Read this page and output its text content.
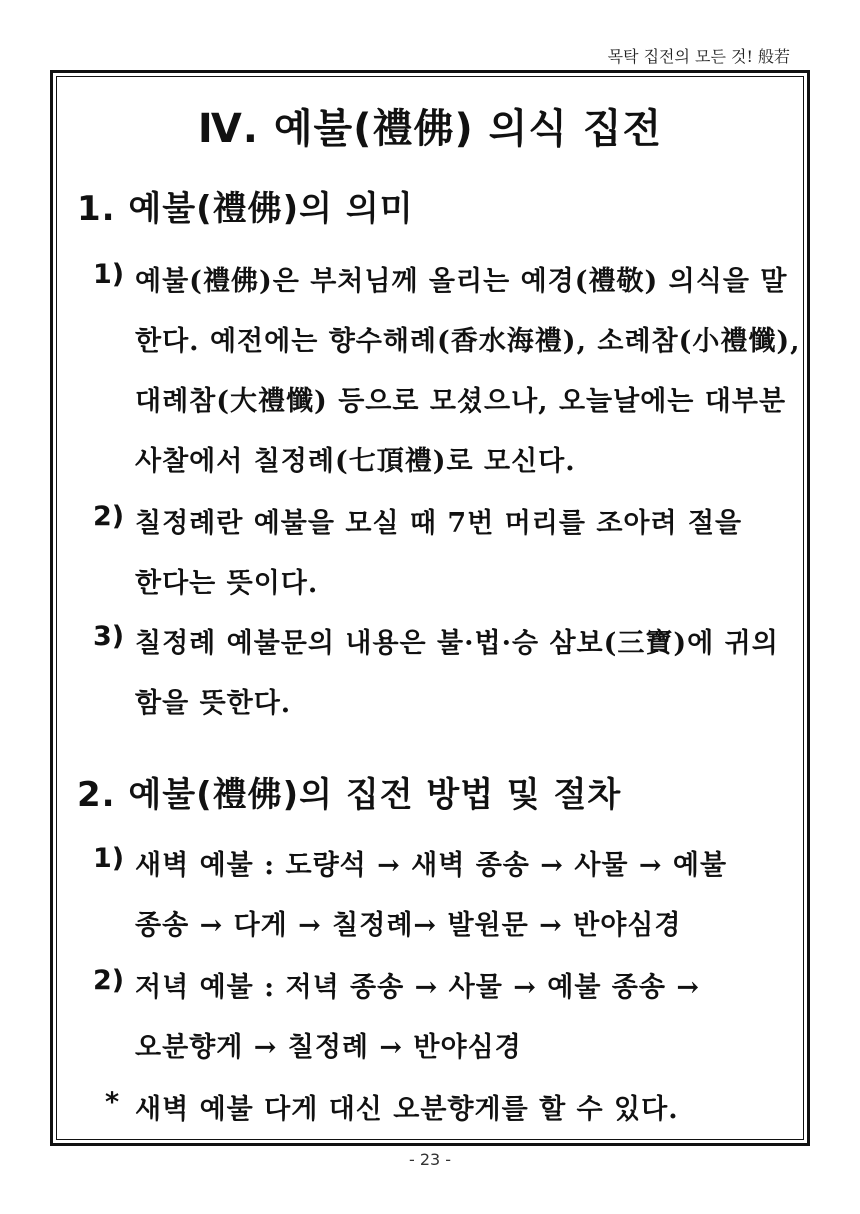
목탁 집전의 모든 것! 般若
Ⅳ. 예불(禮佛) 의식 집전
1. 예불(禮佛)의 의미
1) 예불(禮佛)은 부처님께 올리는 예경(禮敬) 의식을 말
한다. 예전에는 향수해례(香水海禮), 소례참(小禮懺),
대례참(大禮懺) 등으로 모셨으나, 오늘날에는 대부분
사찰에서 칠정례(七頂禮)로 모신다.
2) 칠정례란 예불을 모실 때 7번 머리를 조아려 절을
한다는 뜻이다.
3) 칠정례 예불문의 내용은 불·법·승 삼보(三寶)에 귀의
함을 뜻한다.
2. 예불(禮佛)의 집전 방법 및 절차
1) 새벽 예불 : 도량석 → 새벽 종송 → 사물 → 예불
종송 → 다게 → 칠정례→ 발원문 → 반야심경
2) 저녁 예불 : 저녁 종송 → 사물 → 예불 종송 →
오분향게 → 칠정례 → 반야심경
* 새벽 예불 다게 대신 오분향게를 할 수 있다.
- 23 -
